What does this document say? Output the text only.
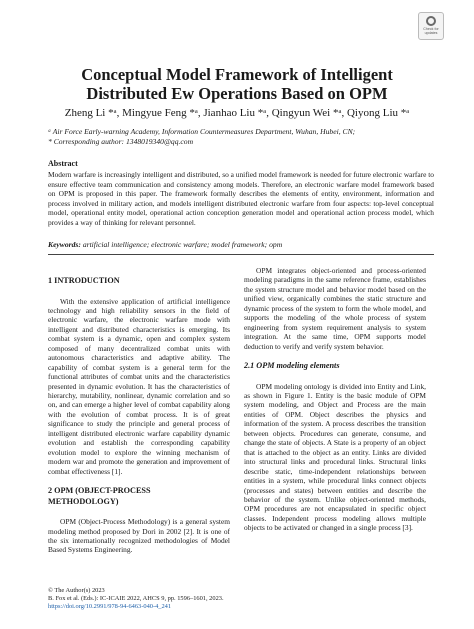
Check for updates
Conceptual Model Framework of Intelligent
Distributed Ew Operations Based on OPM
Zheng Li *ᵃ, Mingyue Feng *ᵃ, Jianhao Liu *ᵃ, Qingyun Wei *ᵃ, Qiyong Liu *ᵃ
ᵃ Air Force Early-warning Academy, Information Countermeasures Department, Wuhan, Hubei, CN;
* Corresponding author: 1348019340@qq.com
Abstract
Modern warfare is increasingly intelligent and distributed, so a unified model framework is needed for future electronic warfare to ensure effective team communication and consistency among models. Therefore, an electronic warfare model framework based on OPM is proposed in this paper. The framework formally describes the elements of entity, environment, information and process involved in military action, and models intelligent distributed electronic warfare from four aspects: top-level conceptual model, operational entity model, operational action conception generation model and operational action process model, which provides a way of thinking for relevant personnel.
Keywords: artificial intelligence; electronic warfare; model framework; opm

1 INTRODUCTION

With the extensive application of artificial intelligence technology and high reliability sensors in the field of electronic warfare, the electronic warfare mode with intelligent and distributed characteristics is emerging. Its combat system is a dynamic, open and complex system composed of many decentralized combat units with autonomous characteristics and adaptive ability. The capability of combat system is a general term for the functional attributes of combat units and the characteristics presented in dynamic evolution. It has the characteristics of hierarchy, mutability, nonlinear, dynamic correlation and so on, and can emerge a higher level of combat capability along with the evolution of combat process. It is of great significance to study the principle and general process of intelligent distributed electronic warfare capability dynamic evolution and establish the corresponding capability evolution model to explore the winning mechanism of modern war and promote the generation and improvement of combat effectiveness [1].

2 OPM (OBJECT-PROCESS

METHODOLOGY)

OPM (Object-Process Methodology) is a general system modeling method proposed by Dori in 2002 [2]. It is one of the six internationally recognized methodologies of Model Based Systems Engineering.

OPM integrates object-oriented and process-oriented modeling paradigms in the same reference frame, establishes the system structure model and behavior model based on the unified view, organically combines the static structure and dynamic process of the system to form the whole model, and supports the modeling of the whole process of system engineering from system requirement analysis to system integration. At the same time, OPM supports model deduction to verify and verify system behavior.

2.1 OPM modeling elements

OPM modeling ontology is divided into Entity and Link, as shown in Figure 1. Entity is the basic module of OPM system modeling, and Object and Process are the main entities of OPM. Object describes the physics and information of the system. A process describes the transition between objects. Procedures can generate, consume, and change the state of objects. A State is a property of an object that is attached to the object as an entity. Links are divided into structural links and procedural links. Structural links describe static, time-independent relationships between entities in a system, while procedural links connect objects (processes and states) between entities and describe the behavior of the system. Unlike object-oriented methods, OPM procedures are not encapsulated in specific object classes. Independent process modeling allows multiple objects to be activated or changed in a single process [3].

© The Author(s) 2023
B. Fox et al. (Eds.): IC-ICAIE 2022, AHCS 9, pp. 1596–1601, 2023.
https://doi.org/10.2991/978-94-6463-040-4_241
